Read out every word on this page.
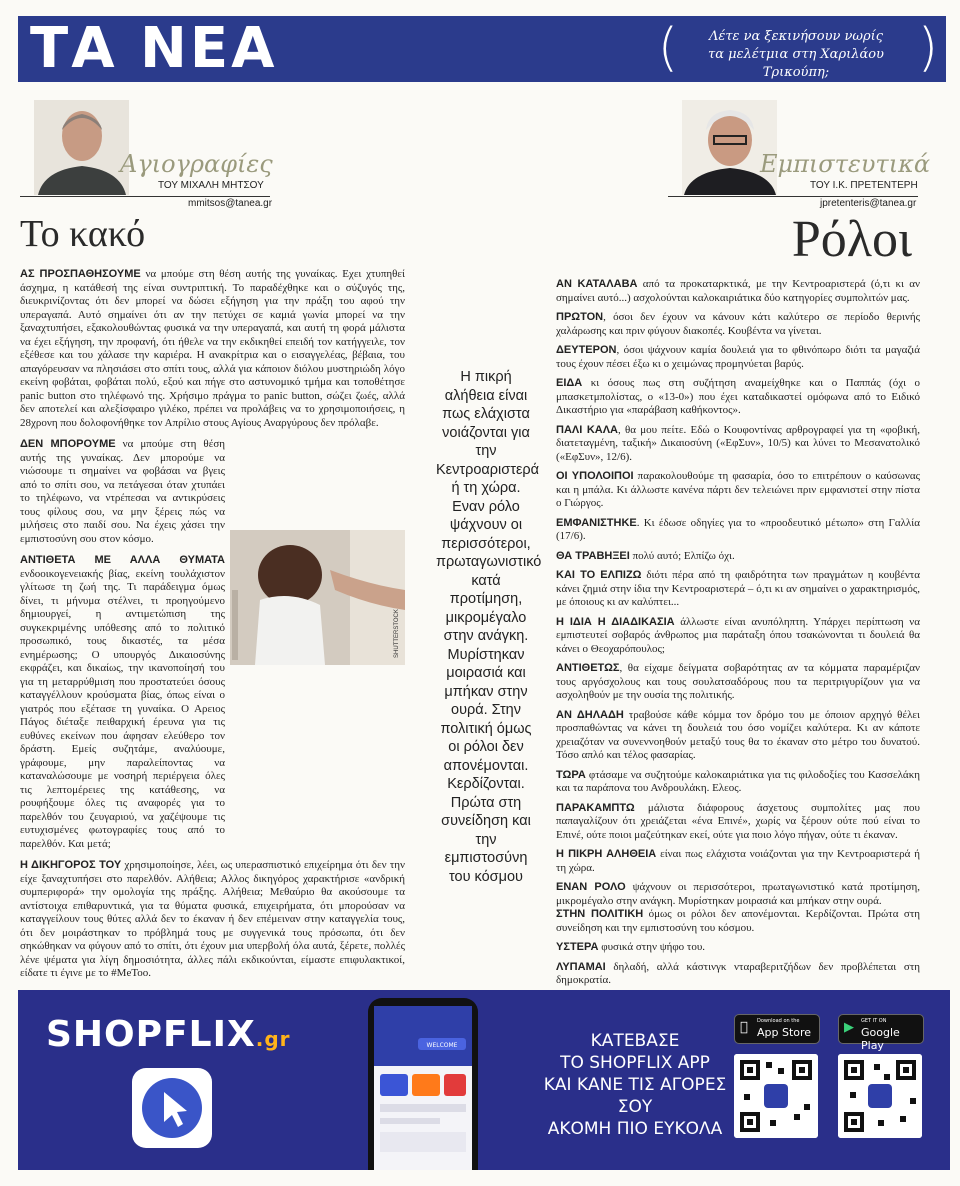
ΤΑ ΝΕΑ	(	Λέτε να ξεκινήσουν νωρίς
τα μελέτμια στη Χαριλάου Τρικούπη;	)
Αγιογραφίες
ΤΟΥ ΜΙΧΑΛΗ ΜΗΤΣΟΥ
mmitsos@tanea.gr
Εμπιστευτικά
ΤΟΥ Ι.Κ. ΠΡΕΤΕΝΤΕΡΗ
jpretenteris@tanea.gr
Το κακό	Ρόλοι

ΑΣ ΠΡΟΣΠΑΘΗΣΟΥΜΕ να μπούμε στη θέση αυτής της γυναίκας. Εχει χτυπηθεί άσχημα, η κατάθεσή της είναι συντριπτική. Το παραδέχθηκε και ο σύζυγός της, διευκρινίζοντας ότι δεν μπορεί να δώσει εξήγηση για την πράξη του αφού την υπεραγαπά. Αυτό σημαίνει ότι αν την πετύχει σε καμιά γωνία μπορεί να την ξαναχτυπήσει, εξακολουθώντας φυσικά να την υπεραγαπά, και αυτή τη φορά μάλιστα να έχει εξήγηση, την προφανή, ότι ήθελε να την εκδικηθεί επειδή τον κατήγγειλε, τον εξέθεσε και του χάλασε την καριέρα. Η ανακρίτρια και ο εισαγγελέας, βέβαια, του απαγόρευσαν να πλησιάσει στο σπίτι τους, αλλά για κάποιον διόλου μυστηριώδη λόγο εκείνη φοβάται, φοβάται πολύ, εξού και πήγε στο αστυνομικό τμήμα και τοποθέτησε panic button στο τηλέφωνό της. Χρήσιμο πράγμα το panic button, σώζει ζωές, αλλά δεν αποτελεί και αλεξίσφαιρο γιλέκο, πρέπει να προλάβεις να το χρησιμοποιήσεις, η 28χρονη που δολοφονήθηκε τον Απρίλιο στους Αγίους Αναργύρους δεν πρόλαβε.

ΔΕΝ ΜΠΟΡΟΥΜΕ να μπούμε στη θέση αυτής της γυναίκας. Δεν μπορούμε να νιώσουμε τι σημαίνει να φοβάσαι να βγεις από το σπίτι σου, να πετάγεσαι όταν χτυπάει το τηλέφωνο, να ντρέπεσαι να αντικρύσεις τους φίλους σου, να μην ξέρεις πώς να μιλήσεις στο παιδί σου. Να έχεις χάσει την εμπιστοσύνη σου στον κόσμο.

ΑΝΤΙΘΕΤΑ ΜΕ ΑΛΛΑ ΘΥΜΑΤΑ ενδοοικογενειακής βίας, εκείνη τουλάχιστον γλίτωσε τη ζωή της. Τι παράδειγμα όμως δίνει, τι μήνυμα στέλνει, τι προηγούμενο δημιουργεί, η αντιμετώπιση της συγκεκριμένης υπόθεσης από το πολιτικό προσωπικό, τους δικαστές, τα μέσα ενημέρωσης; Ο υπουργός Δικαιοσύνης εκφράζει, και δικαίως, την ικανοποίησή του για τη μεταρρύθμιση που προστατεύει όσους καταγγέλλουν κρούσματα βίας, όπως είναι ο γιατρός που εξέτασε τη γυναίκα. Ο Αρειος Πάγος διέταξε πειθαρχική έρευνα για τις ευθύνες εκείνων που άφησαν ελεύθερο τον δράστη. Εμείς συζητάμε, αναλύουμε, γράφουμε, μην παραλείποντας να καταναλώσουμε με νοσηρή περιέργεια όλες τις λεπτομέρειες της κατάθεσης, να ρουφήξουμε όλες τις αναφορές για το παρελθόν του ζευγαριού, να χαζέψουμε τις ευτυχισμένες φωτογραφίες τους από το παρελθόν. Και μετά;

Η ΔΙΚΗΓΟΡΟΣ ΤΟΥ χρησιμοποίησε, λέει, ως υπερασπιστικό επιχείρημα ότι δεν την είχε ξαναχτυπήσει στο παρελθόν. Αλήθεια; Αλλος δικηγόρος χαρακτήρισε «ανδρική συμπεριφορά» την ομολογία της πράξης. Αλήθεια; Μεθαύριο θα ακούσουμε τα αντίστοιχα επιθαρυντικά, για τα θύματα φυσικά, επιχειρήματα, ότι μπορούσαν να καταγγείλουν τους θύτες αλλά δεν το έκαναν ή δεν επέμειναν στην καταγγελία τους, ότι δεν μοιράστηκαν το πρόβλημά τους με συγγενικά τους πρόσωπα, ότι δεν σηκώθηκαν να φύγουν από το σπίτι, ότι έχουν μια υπερβολή όλα αυτά, ξέρετε, πολλές λένε ψέματα για λίγη δημοσιότητα, άλλες πάλι εκδικούνται, είμαστε επιφυλακτικοί, είδατε τι έγινε με το #MeToo.

SHUTTERSTOCK
Η πικρή αλήθεια είναι πως ελάχιστα νοιάζονται για την Κεντροαριστερά ή τη χώρα. Εναν ρόλο ψάχνουν οι περισσότεροι, πρωταγωνιστικό κατά προτίμηση, μικρομέγαλο στην ανάγκη. Μυρίστηκαν μοιρασιά και μπήκαν στην ουρά. Στην πολιτική όμως οι ρόλοι δεν απονέμονται. Κερδίζονται. Πρώτα στη συνείδηση και την εμπιστοσύνη του κόσμου

ΑΝ ΚΑΤΑΛΑΒΑ από τα προκαταρκτικά, με την Κεντροαριστερά (ό,τι κι αν σημαίνει αυτό...) ασχολούνται καλοκαιριάτικα δύο κατηγορίες συμπολιτών μας.

ΠΡΩΤΟΝ, όσοι δεν έχουν να κάνουν κάτι καλύτερο σε περίοδο θερινής χαλάρωσης και πριν φύγουν διακοπές. Κουβέντα να γίνεται.

ΔΕΥΤΕΡΟΝ, όσοι ψάχνουν καμία δουλειά για το φθινόπωρο διότι τα μαγαζιά τους έχουν πέσει έξω κι ο χειμώνας προμηνύεται βαρύς.

ΕΙΔΑ κι όσους πως στη συζήτηση αναμείχθηκε και ο Παππάς (όχι ο μπασκετμπολίστας, ο «13-0») που έχει καταδικαστεί ομόφωνα από το Ειδικό Δικαστήριο για «παράβαση καθήκοντος».

ΠΑΛΙ ΚΑΛΑ, θα μου πείτε. Εδώ ο Κουφοντίνας αρθρογραφεί για τη «φοβική, διατεταγμένη, ταξική» Δικαιοσύνη («ΕφΣυν», 10/5) και λύνει το Μεσανατολικό («ΕφΣυν», 12/6).

ΟΙ ΥΠΟΛΟΙΠΟΙ παρακολουθούμε τη φασαρία, όσο το επιτρέπουν ο καύσωνας και η μπάλα. Κι άλλωστε κανένα πάρτι δεν τελειώνει πριν εμφανιστεί στην πίστα ο Γιώργος.

ΕΜΦΑΝΙΣΤΗΚΕ. Κι έδωσε οδηγίες για το «προοδευτικό μέτωπο» στη Γαλλία (17/6).

ΘΑ ΤΡΑΒΗΞΕΙ πολύ αυτό; Ελπίζω όχι.

ΚΑΙ ΤΟ ΕΛΠΙΖΩ διότι πέρα από τη φαιδρότητα των πραγμάτων η κουβέντα κάνει ζημιά στην ίδια την Κεντροαριστερά – ό,τι κι αν σημαίνει ο χαρακτηρισμός, με όποιους κι αν καλύπτει...

Η ΙΔΙΑ Η ΔΙΑΔΙΚΑΣΙΑ άλλωστε είναι ανυπόληπτη. Υπάρχει περίπτωση να εμπιστευτεί σοβαρός άνθρωπος μια παράταξη όπου τσακώνονται τι δουλειά θα κάνει ο Θεοχαρόπουλος;

ΑΝΤΙΘΕΤΩΣ, θα είχαμε δείγματα σοβαρότητας αν τα κόμματα παραμέριζαν τους αργόσχολους και τους σουλατσαδόρους που τα περιτριγυρίζουν για να ασχοληθούν με την ουσία της πολιτικής.

ΑΝ ΔΗΛΑΔΗ τραβούσε κάθε κόμμα τον δρόμο του με όποιον αρχηγό θέλει προσπαθώντας να κάνει τη δουλειά του όσο νομίζει καλύτερα. Κι αν κάποτε χρειαζόταν να συνεννοηθούν μεταξύ τους θα το έκαναν στο μέτρο του δυνατού. Τόσο απλό και τέλος φασαρίας.

ΤΩΡΑ φτάσαμε να συζητούμε καλοκαιριάτικα για τις φιλοδοξίες του Κασσελάκη και τα παράπονα του Ανδρουλάκη. Ελεος.

ΠΑΡΑΚΑΜΠΤΩ μάλιστα διάφορους άσχετους συμπολίτες μας που παπαγαλίζουν ότι χρειάζεται «ένα Επινέ», χωρίς να ξέρουν ούτε πού είναι το Επινέ, ούτε ποιοι μαζεύτηκαν εκεί, ούτε για ποιο λόγο πήγαν, ούτε τι έκαναν.

Η ΠΙΚΡΗ ΑΛΗΘΕΙΑ είναι πως ελάχιστα νοιάζονται για την Κεντροαριστερά ή τη χώρα.

ΕΝΑΝ ΡΟΛΟ ψάχνουν οι περισσότεροι, πρωταγωνιστικό κατά προτίμηση, μικρομέγαλο στην ανάγκη. Μυρίστηκαν μοιρασιά και μπήκαν στην ουρά.

ΣΤΗΝ ΠΟΛΙΤΙΚΗ όμως οι ρόλοι δεν απονέμονται. Κερδίζονται. Πρώτα στη συνείδηση και την εμπιστοσύνη του κόσμου.

ΥΣΤΕΡΑ φυσικά στην ψήφο του.

ΛΥΠΑΜΑΙ δηλαδή, αλλά κάστινγκ νταραβεριτζήδων δεν προβλέπεται στη δημοκρατία.

SHOPFLIX.gr	WELCOME	ΚΑΤΕΒΑΣΕ
ΤΟ SHOPFLIX APP
ΚΑΙ ΚΑΝΕ ΤΙΣ ΑΓΟΡΕΣ ΣΟΥ
ΑΚΟΜΗ ΠΙΟ ΕΥΚΟΛΑ
Download on the
App Store	▶ GET IT ON
Google Play
